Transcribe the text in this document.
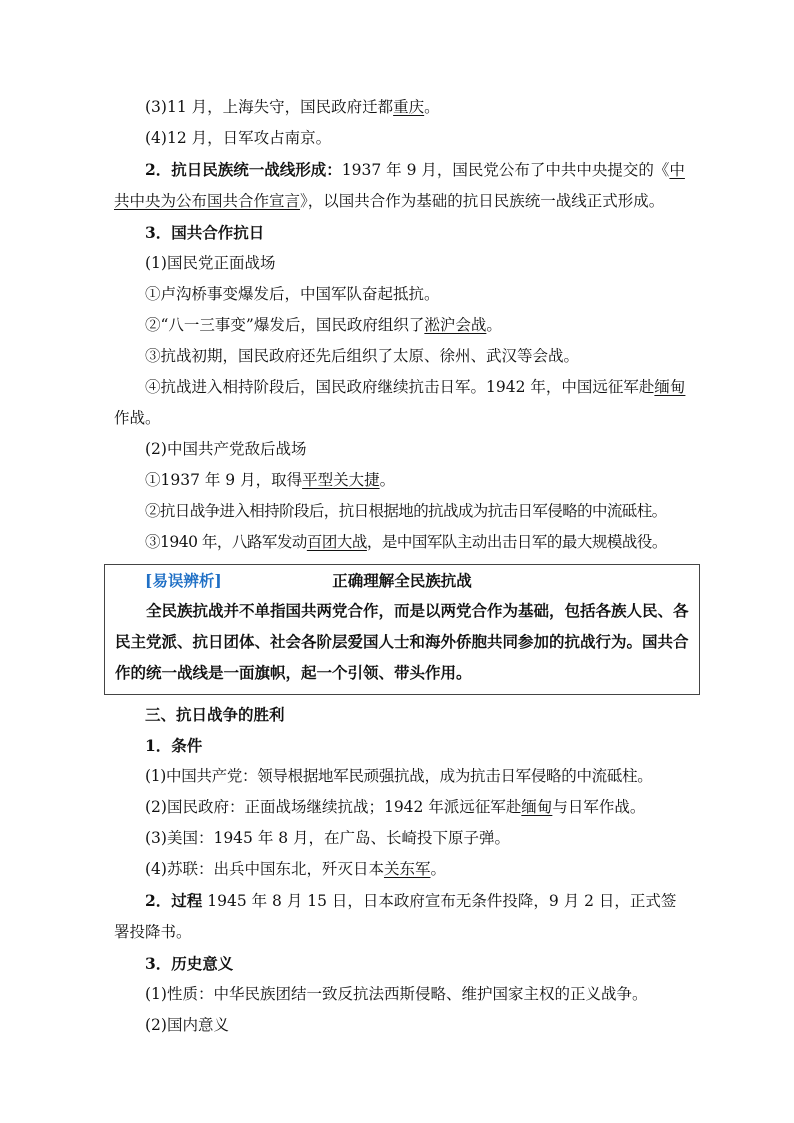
(3)11 月，上海失守，国民政府迁都重庆。
(4)12 月，日军攻占南京。
2．抗日民族统一战线形成：1937 年 9 月，国民党公布了中共中央提交的《中共中央为公布国共合作宣言》，以国共合作为基础的抗日民族统一战线正式形成。
3．国共合作抗日
(1)国民党正面战场
①卢沟桥事变爆发后，中国军队奋起抵抗。
②“八一三事变”爆发后，国民政府组织了淞沪会战。
③抗战初期，国民政府还先后组织了太原、徐州、武汉等会战。
④抗战进入相持阶段后，国民政府继续抗击日军。1942 年，中国远征军赴缅甸作战。
(2)中国共产党敌后战场
①1937 年 9 月，取得平型关大捷。
②抗日战争进入相持阶段后，抗日根据地的抗战成为抗击日军侵略的中流砥柱。
③1940 年，八路军发动百团大战，是中国军队主动出击日军的最大规模战役。
[易误辨析]	正确理解全民族抗战
全民族抗战并不单指国共两党合作，而是以两党合作为基础，包括各族人民、各民主党派、抗日团体、社会各阶层爱国人士和海外侨胞共同参加的抗战行为。国共合作的统一战线是一面旗帜，起一个引领、带头作用。
三、抗日战争的胜利
1．条件
(1)中国共产党：领导根据地军民顽强抗战，成为抗击日军侵略的中流砥柱。
(2)国民政府：正面战场继续抗战；1942 年派远征军赴缅甸与日军作战。
(3)美国：1945 年 8 月，在广岛、长崎投下原子弹。
(4)苏联：出兵中国东北，歼灭日本关东军。
2．过程 1945 年 8 月 15 日，日本政府宣布无条件投降，9 月 2 日，正式签署投降书。
3．历史意义
(1)性质：中华民族团结一致反抗法西斯侵略、维护国家主权的正义战争。
(2)国内意义
